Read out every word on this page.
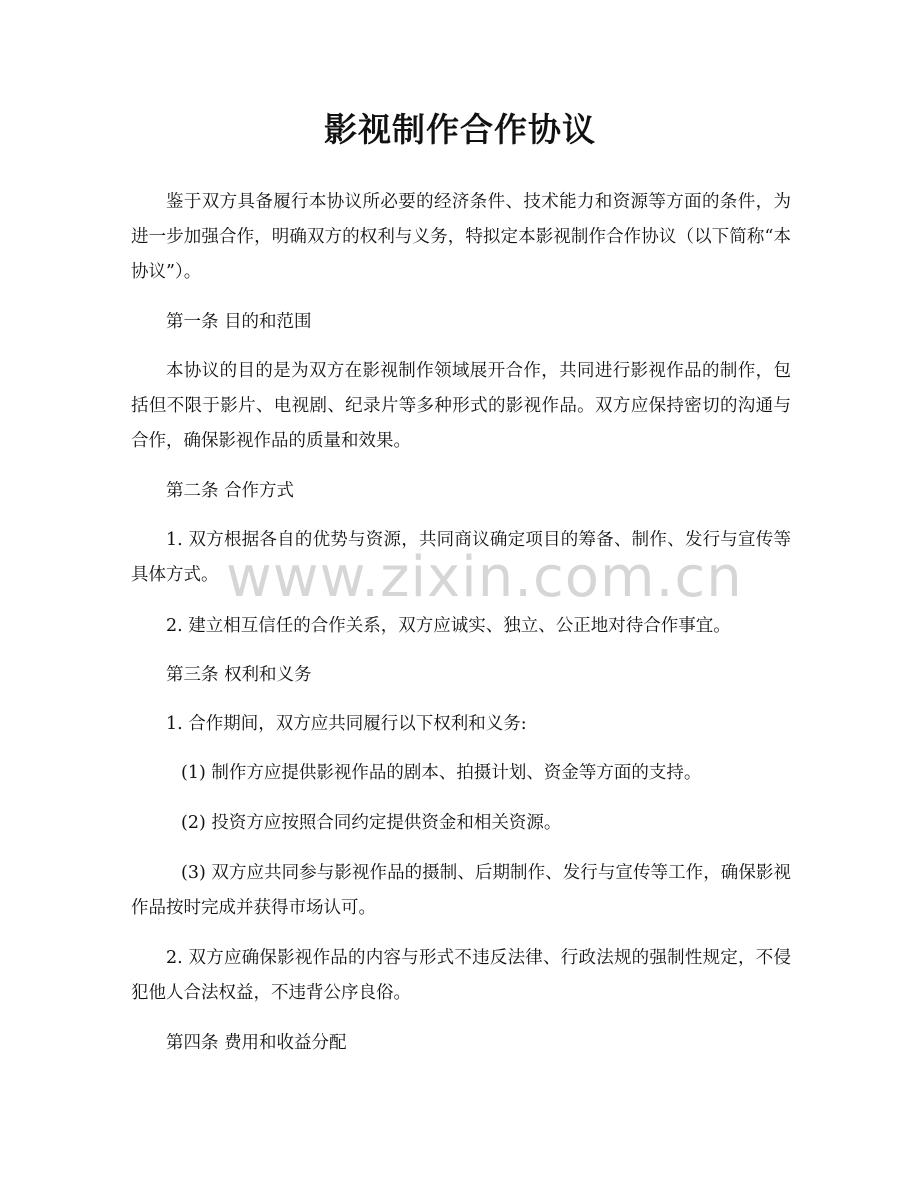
影视制作合作协议

鉴于双方具备履行本协议所必要的经济条件、技术能力和资源等方面的条件，为进一步加强合作，明确双方的权利与义务，特拟定本影视制作合作协议（以下简称“本协议”）。

第一条 目的和范围

本协议的目的是为双方在影视制作领域展开合作，共同进行影视作品的制作，包括但不限于影片、电视剧、纪录片等多种形式的影视作品。双方应保持密切的沟通与合作，确保影视作品的质量和效果。

第二条 合作方式

1. 双方根据各自的优势与资源，共同商议确定项目的筹备、制作、发行与宣传等具体方式。

2. 建立相互信任的合作关系，双方应诚实、独立、公正地对待合作事宜。

第三条 权利和义务

1. 合作期间，双方应共同履行以下权利和义务:

(1) 制作方应提供影视作品的剧本、拍摄计划、资金等方面的支持。

(2) 投资方应按照合同约定提供资金和相关资源。

(3) 双方应共同参与影视作品的摄制、后期制作、发行与宣传等工作，确保影视作品按时完成并获得市场认可。

2. 双方应确保影视作品的内容与形式不违反法律、行政法规的强制性规定，不侵犯他人合法权益，不违背公序良俗。

第四条 费用和收益分配
www.zixin.com.cn
